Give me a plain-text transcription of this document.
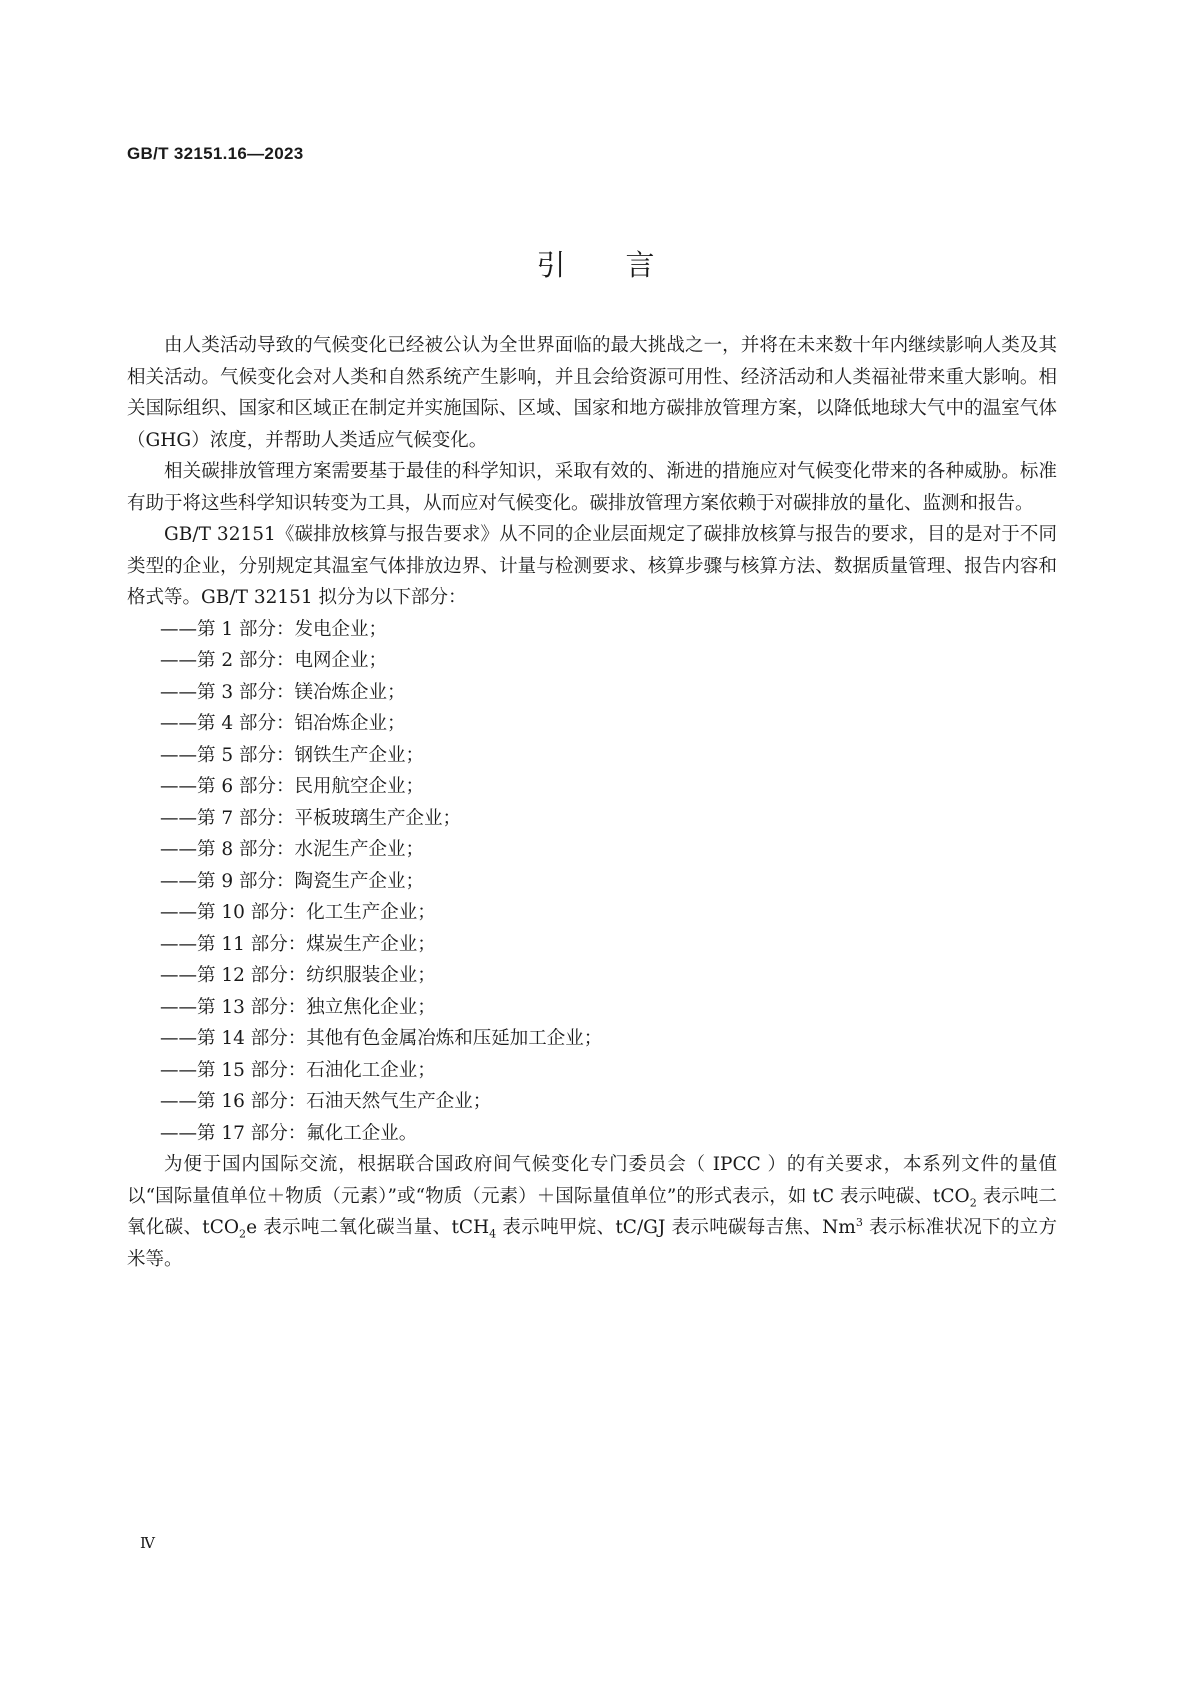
GB/T 32151.16—2023
引言

由人类活动导致的气候变化已经被公认为全世界面临的最大挑战之一，并将在未来数十年内继续影响人类及其相关活动。气候变化会对人类和自然系统产生影响，并且会给资源可用性、经济活动和人类福祉带来重大影响。相关国际组织、国家和区域正在制定并实施国际、区域、国家和地方碳排放管理方案，以降低地球大气中的温室气体（GHG）浓度，并帮助人类适应气候变化。

相关碳排放管理方案需要基于最佳的科学知识，采取有效的、渐进的措施应对气候变化带来的各种威胁。标准有助于将这些科学知识转变为工具，从而应对气候变化。碳排放管理方案依赖于对碳排放的量化、监测和报告。

GB/T 32151《碳排放核算与报告要求》从不同的企业层面规定了碳排放核算与报告的要求，目的是对于不同类型的企业，分别规定其温室气体排放边界、计量与检测要求、核算步骤与核算方法、数据质量管理、报告内容和格式等。GB/T 32151 拟分为以下部分：

——第 1 部分：发电企业；
——第 2 部分：电网企业；
——第 3 部分：镁冶炼企业；
——第 4 部分：铝冶炼企业；
——第 5 部分：钢铁生产企业；
——第 6 部分：民用航空企业；
——第 7 部分：平板玻璃生产企业；
——第 8 部分：水泥生产企业；
——第 9 部分：陶瓷生产企业；
——第 10 部分：化工生产企业；
——第 11 部分：煤炭生产企业；
——第 12 部分：纺织服装企业；
——第 13 部分：独立焦化企业；
——第 14 部分：其他有色金属冶炼和压延加工企业；
——第 15 部分：石油化工企业；
——第 16 部分：石油天然气生产企业；
——第 17 部分：氟化工企业。

为便于国内国际交流，根据联合国政府间气候变化专门委员会（ IPCC ）的有关要求，本系列文件的量值以“国际量值单位＋物质（元素）”或“物质（元素）＋国际量值单位”的形式表示，如 tC 表示吨碳、tCO$_2$ 表示吨二氧化碳、tCO$_2$e 表示吨二氧化碳当量、tCH$_4$ 表示吨甲烷、tC/GJ 表示吨碳每吉焦、Nm$^3$ 表示标准状况下的立方米等。

Ⅳ
